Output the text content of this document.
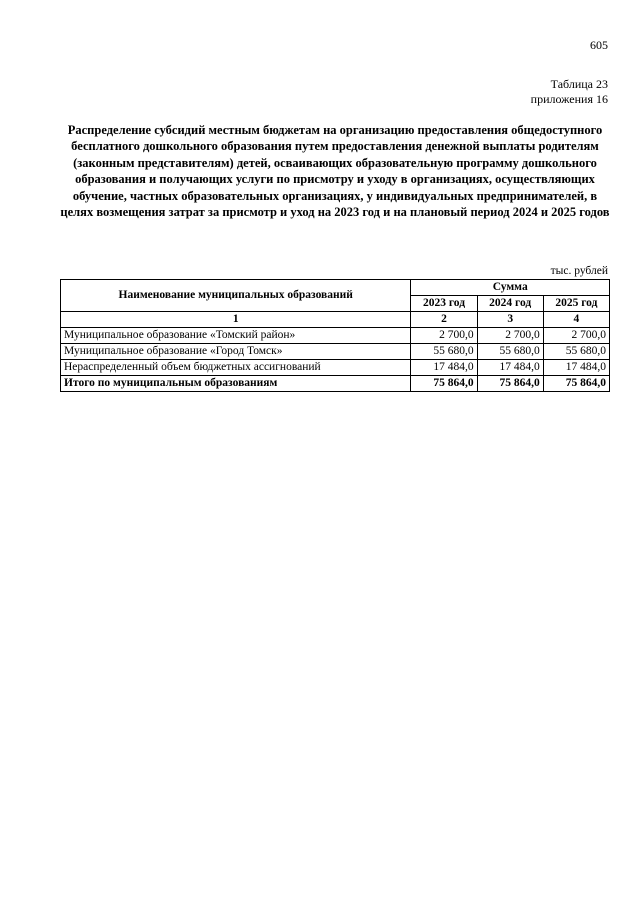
605
Таблица 23
приложения 16
Распределение субсидий местным бюджетам на организацию предоставления общедоступного бесплатного дошкольного образования путем предоставления денежной выплаты родителям (законным представителям) детей, осваивающих образовательную программу дошкольного образования и получающих услуги по присмотру и уходу в организациях, осуществляющих обучение, частных образовательных организациях, у индивидуальных предпринимателей, в целях возмещения затрат за присмотр и уход на 2023 год и на плановый период 2024 и 2025 годов
тыс. рублей
Наименование муниципальных образований	Сумма		
	2023 год	2024 год	2025 год
1	2	3	4
Муниципальное образование «Томский район»	2 700,0	2 700,0	2 700,0
Муниципальное образование «Город Томск»	55 680,0	55 680,0	55 680,0
Нераспределенный объем бюджетных ассигнований	17 484,0	17 484,0	17 484,0
Итого по муниципальным образованиям	75 864,0	75 864,0	75 864,0
